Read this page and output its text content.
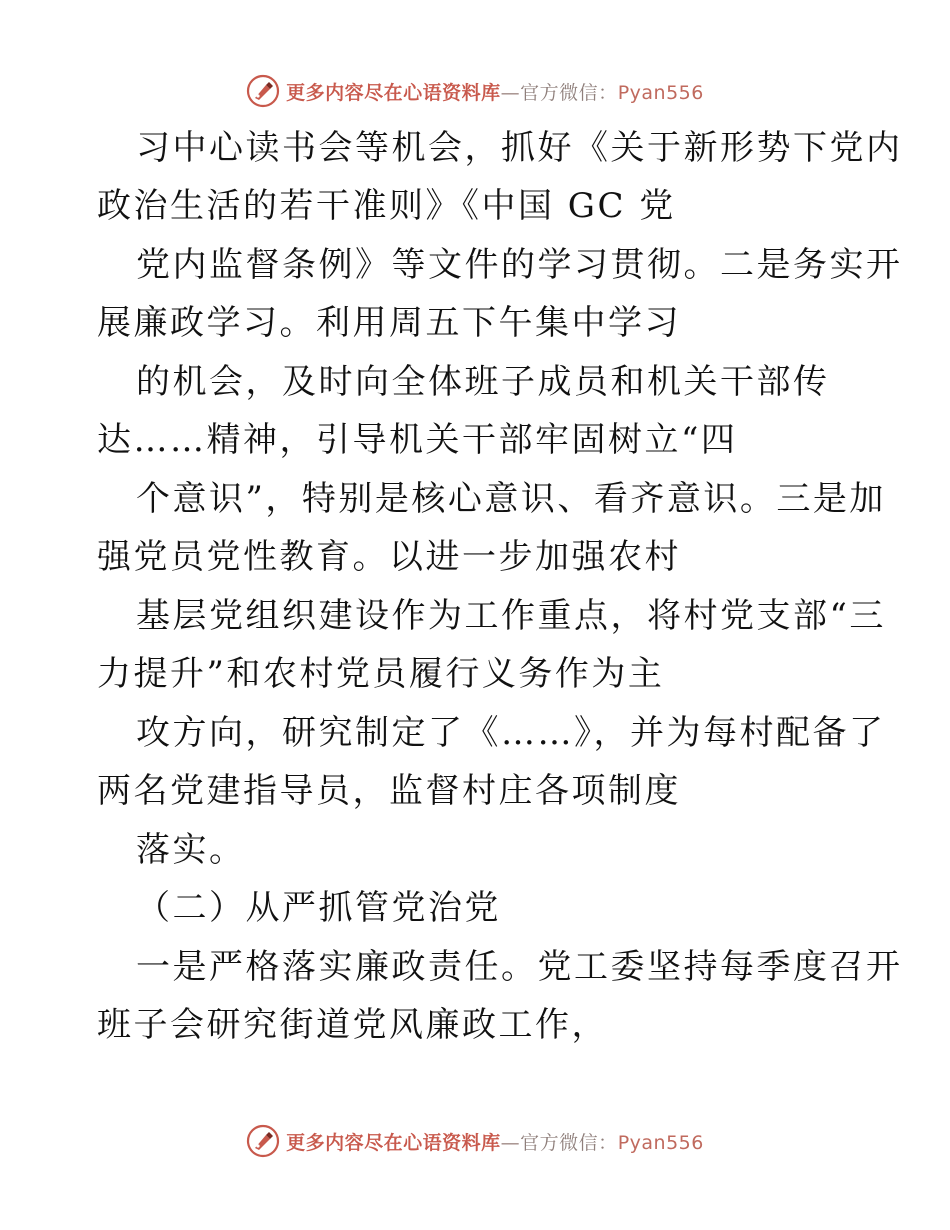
更多内容尽在心语资料库—官方微信：Pyan556
习中心读书会等机会，抓好《关于新形势下党内
政治生活的若干准则》《中国 GC 党
党内监督条例》等文件的学习贯彻。二是务实开
展廉政学习。利用周五下午集中学习
的机会，及时向全体班子成员和机关干部传
达……精神，引导机关干部牢固树立“四
个意识”，特别是核心意识、看齐意识。三是加
强党员党性教育。以进一步加强农村
基层党组织建设作为工作重点，将村党支部“三
力提升”和农村党员履行义务作为主
攻方向，研究制定了《……》，并为每村配备了
两名党建指导员，监督村庄各项制度
落实。
（二）从严抓管党治党
一是严格落实廉政责任。党工委坚持每季度召开
班子会研究街道党风廉政工作，
更多内容尽在心语资料库—官方微信：Pyan556
